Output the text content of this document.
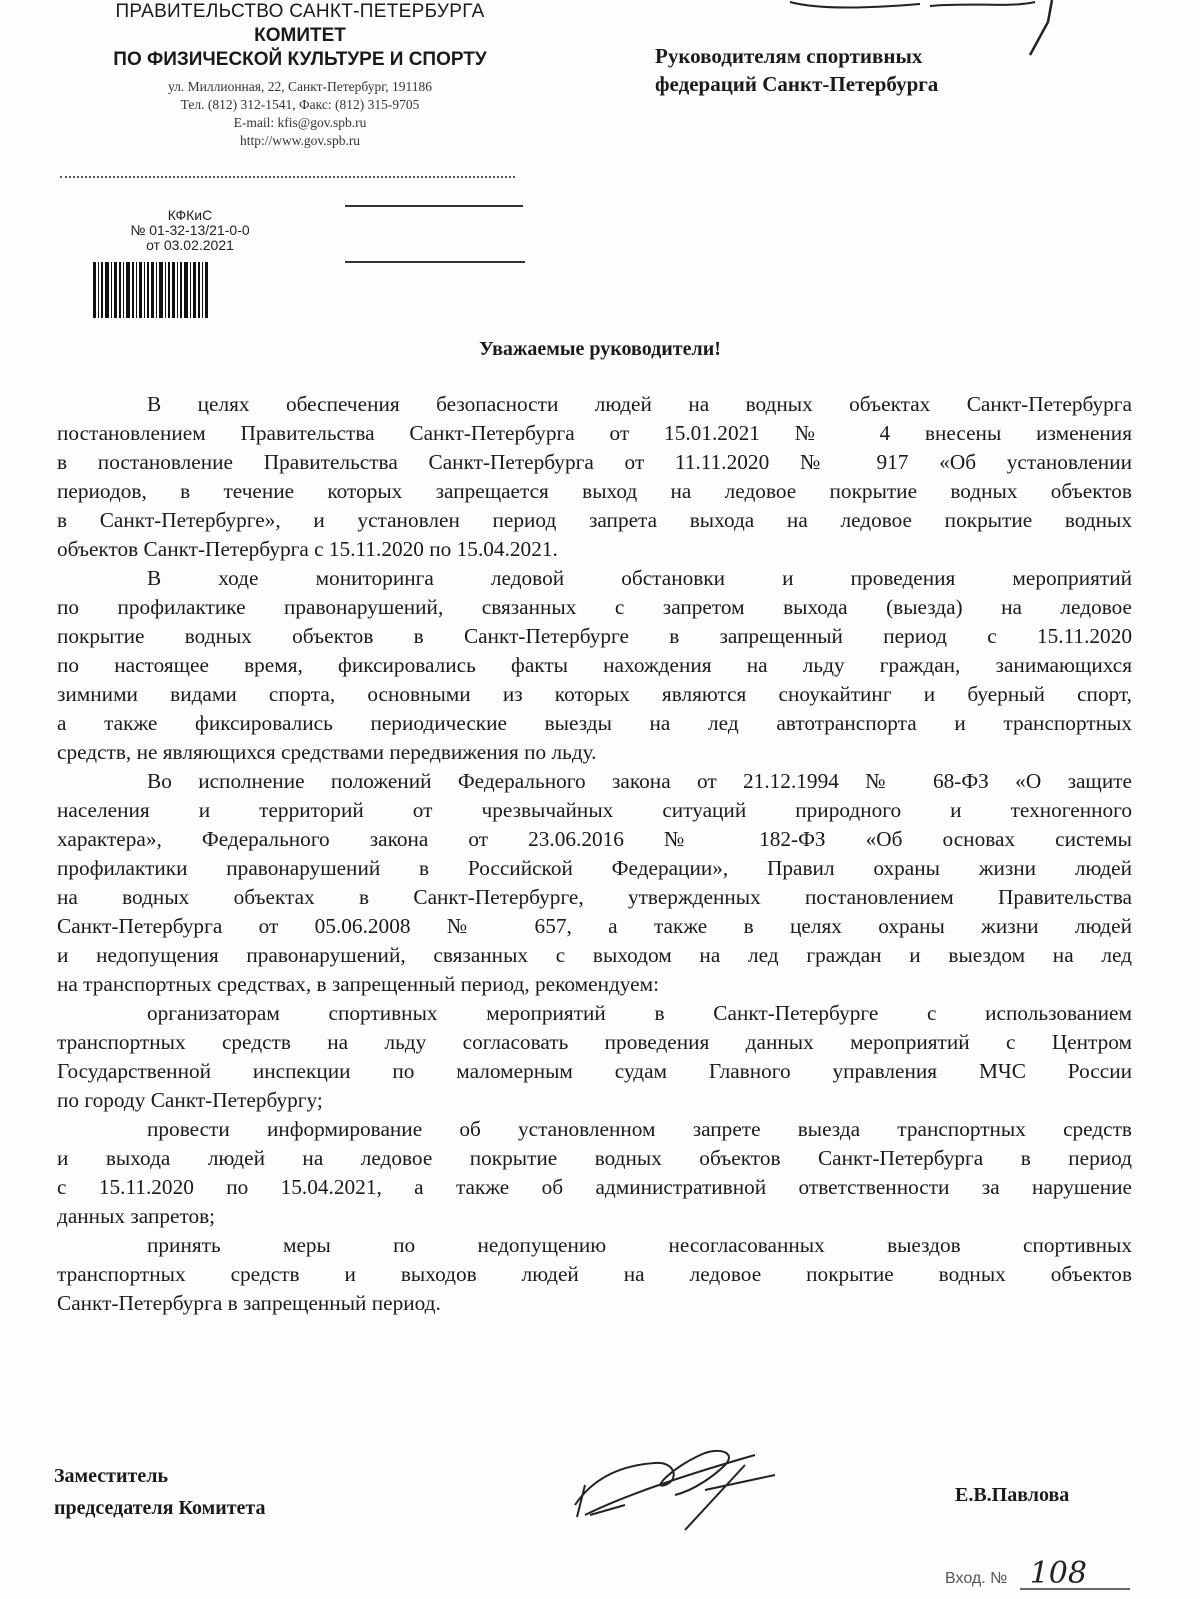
ПРАВИТЕЛЬСТВО САНКТ-ПЕТЕРБУРГА
КОМИТЕТ
ПО ФИЗИЧЕСКОЙ КУЛЬТУРЕ И СПОРТУ
ул. Миллионная, 22, Санкт-Петербург, 191186
Тел. (812) 312-1541, Факс: (812) 315-9705
E-mail: kfis@gov.spb.ru
http://www.gov.spb.ru
КФКиС
№ 01-32-13/21-0-0
от 03.02.2021
Руководителям спортивных
федераций Санкт-Петербурга
Уважаемые руководители!
В целях обеспечения безопасности людей на водных объектах Санкт-Петербурга
постановлением Правительства Санкт-Петербурга от 15.01.2021 № 4 внесены изменения
в постановление Правительства Санкт-Петербурга от 11.11.2020 № 917 «Об установлении
периодов, в течение которых запрещается выход на ледовое покрытие водных объектов
в Санкт-Петербурге», и установлен период запрета выхода на ледовое покрытие водных
объектов Санкт-Петербурга с 15.11.2020 по 15.04.2021.
В ходе мониторинга ледовой обстановки и проведения мероприятий
по профилактике правонарушений, связанных с запретом выхода (выезда) на ледовое
покрытие водных объектов в Санкт-Петербурге в запрещенный период с 15.11.2020
по настоящее время, фиксировались факты нахождения на льду граждан, занимающихся
зимними видами спорта, основными из которых являются сноукайтинг и буерный спорт,
а также фиксировались периодические выезды на лед автотранспорта и транспортных
средств, не являющихся средствами передвижения по льду.
Во исполнение положений Федерального закона от 21.12.1994 № 68-ФЗ «О защите
населения и территорий от чрезвычайных ситуаций природного и техногенного
характера», Федерального закона от 23.06.2016 № 182-ФЗ «Об основах системы
профилактики правонарушений в Российской Федерации», Правил охраны жизни людей
на водных объектах в Санкт-Петербурге, утвержденных постановлением Правительства
Санкт-Петербурга от 05.06.2008 № 657, а также в целях охраны жизни людей
и недопущения правонарушений, связанных с выходом на лед граждан и выездом на лед
на транспортных средствах, в запрещенный период, рекомендуем:
организаторам спортивных мероприятий в Санкт-Петербурге с использованием
транспортных средств на льду согласовать проведения данных мероприятий с Центром
Государственной инспекции по маломерным судам Главного управления МЧС России
по городу Санкт-Петербургу;
провести информирование об установленном запрете выезда транспортных средств
и выхода людей на ледовое покрытие водных объектов Санкт-Петербурга в период
с 15.11.2020 по 15.04.2021, а также об административной ответственности за нарушение
данных запретов;
принять меры по недопущению несогласованных выездов спортивных
транспортных средств и выходов людей на ледовое покрытие водных объектов
Санкт-Петербурга в запрещенный период.
Заместитель
председателя Комитета
Е.В.Павлова
Вход. № 108
